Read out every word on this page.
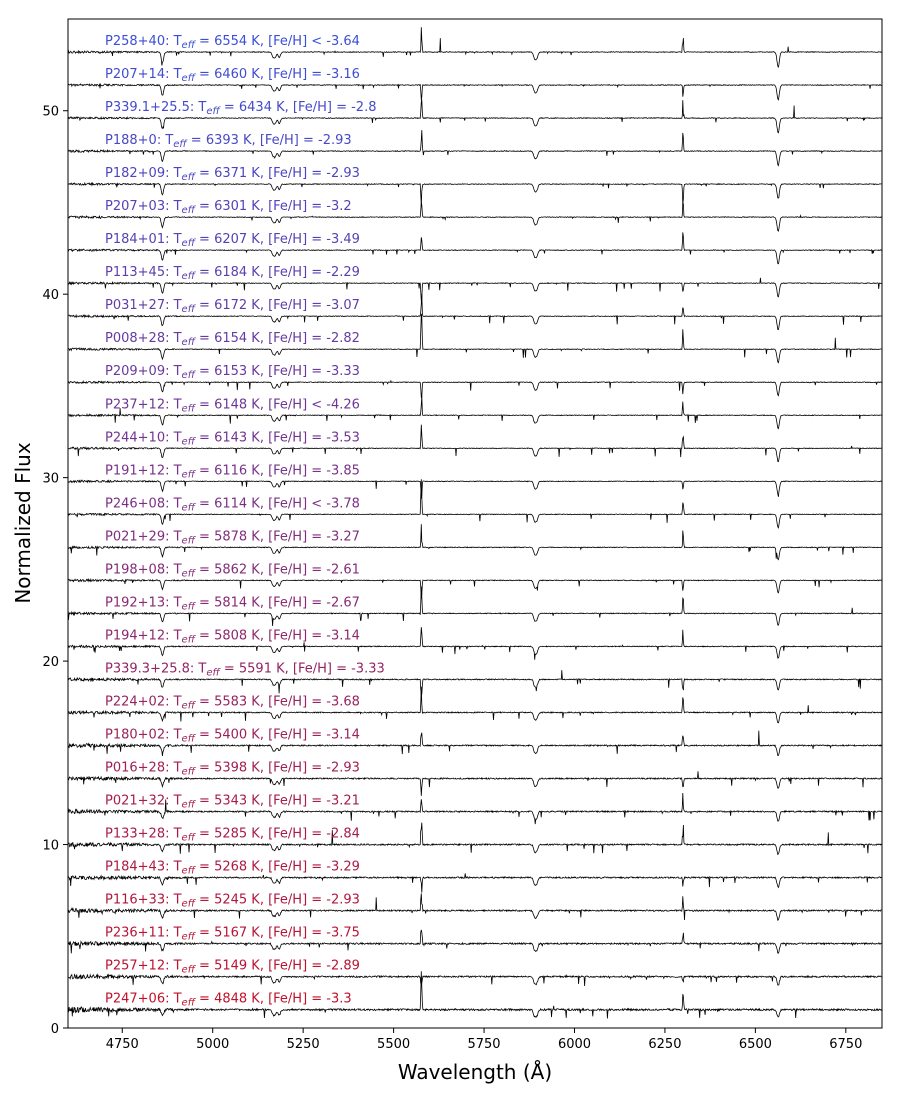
P247+06: $T_{eff} = 4848$ K, [Fe/H] = -3.3
P257+12: $T_{eff} = 5149$ K, [Fe/H] = -2.89
P236+11: $T_{eff} = 5167$ K, [Fe/H] = -3.75
P116+33: $T_{eff} = 5245$ K, [Fe/H] = -2.93
P184+43: $T_{eff} = 5268$ K, [Fe/H] = -3.29
P133+28: $T_{eff} = 5285$ K, [Fe/H] = -2.84
P021+32: $T_{eff} = 5343$ K, [Fe/H] = -3.21
P016+28: $T_{eff} = 5398$ K, [Fe/H] = -2.93
P180+02: $T_{eff} = 5400$ K, [Fe/H] = -3.14
P224+02: $T_{eff} = 5583$ K, [Fe/H] = -3.68
P339.3+25.8: $T_{eff} = 5591$ K, [Fe/H] = -3.33
P194+12: $T_{eff} = 5808$ K, [Fe/H] = -3.14
P192+13: $T_{eff} = 5814$ K, [Fe/H] = -2.67
P198+08: $T_{eff} = 5862$ K, [Fe/H] = -2.61
P021+29: $T_{eff} = 5878$ K, [Fe/H] = -3.27
P246+08: $T_{eff} = 6114$ K, [Fe/H] < -3.78
P191+12: $T_{eff} = 6116$ K, [Fe/H] = -3.85
P244+10: $T_{eff} = 6143$ K, [Fe/H] = -3.53
P237+12: $T_{eff} = 6148$ K, [Fe/H] < -4.26
P209+09: $T_{eff} = 6153$ K, [Fe/H] = -3.33
P008+28: $T_{eff} = 6154$ K, [Fe/H] = -2.82
P031+27: $T_{eff} = 6172$ K, [Fe/H] = -3.07
P113+45: $T_{eff} = 6184$ K, [Fe/H] = -2.29
P184+01: $T_{eff} = 6207$ K, [Fe/H] = -3.49
P207+03: $T_{eff} = 6301$ K, [Fe/H] = -3.2
P182+09: $T_{eff} = 6371$ K, [Fe/H] = -2.93
P188+0: $T_{eff} = 6393$ K, [Fe/H] = -2.93
P339.1+25.5: $T_{eff} = 6434$ K, [Fe/H] = -2.8
P207+14: $T_{eff} = 6460$ K, [Fe/H] = -3.16
P258+40: $T_{eff} = 6554$ K, [Fe/H] < -3.64
4750	5000	5250	5500	5750	6000	6250	6500	6750
0
10
20
30
40
50
Wavelength (Å)
Normalized Flux
